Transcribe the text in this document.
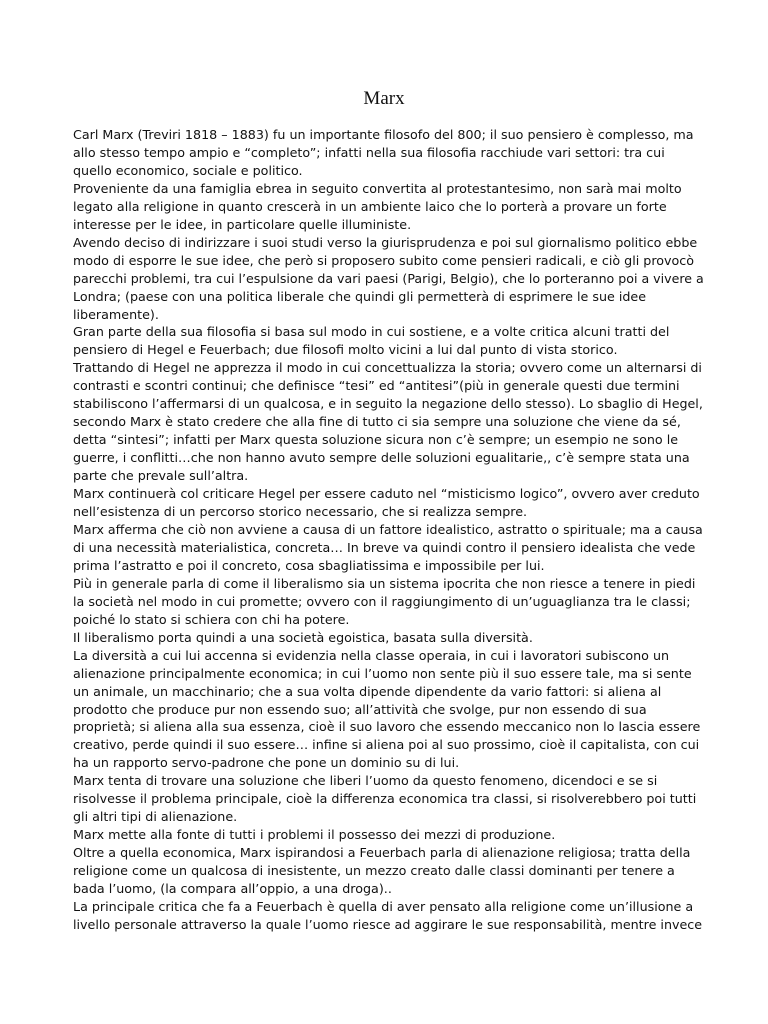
Marx
Carl Marx (Treviri 1818 – 1883) fu un importante filosofo del 800; il suo pensiero è complesso, ma
allo stesso tempo ampio e “completo”; infatti nella sua filosofia racchiude vari settori: tra cui
quello economico, sociale e politico.
Proveniente da una famiglia ebrea in seguito convertita al protestantesimo, non sarà mai molto
legato alla religione in quanto crescerà in un ambiente laico che lo porterà a provare un forte
interesse per le idee, in particolare quelle illuministe.
Avendo deciso di indirizzare i suoi studi verso la giurisprudenza e poi sul giornalismo politico ebbe
modo di esporre le sue idee, che però si proposero subito come pensieri radicali, e ciò gli provocò
parecchi problemi, tra cui l’espulsione da vari paesi (Parigi, Belgio), che lo porteranno poi a vivere a
Londra; (paese con una politica liberale che quindi gli permetterà di esprimere le sue idee
liberamente).
Gran parte della sua filosofia si basa sul modo in cui sostiene, e a volte critica alcuni tratti del
pensiero di Hegel e Feuerbach; due filosofi molto vicini a lui dal punto di vista storico.
Trattando di Hegel ne apprezza il modo in cui concettualizza la storia; ovvero come un alternarsi di
contrasti e scontri continui; che definisce “tesi” ed “antitesi”(più in generale questi due termini
stabiliscono l’affermarsi di un qualcosa, e in seguito la negazione dello stesso). Lo sbaglio di Hegel,
secondo Marx è stato credere che alla fine di tutto ci sia sempre una soluzione che viene da sé,
detta “sintesi”; infatti per Marx questa soluzione sicura non c’è sempre; un esempio ne sono le
guerre, i conflitti…che non hanno avuto sempre delle soluzioni egualitarie,, c’è sempre stata una
parte che prevale sull’altra.
Marx continuerà col criticare Hegel per essere caduto nel “misticismo logico”, ovvero aver creduto
nell’esistenza di un percorso storico necessario, che si realizza sempre.
Marx afferma che ciò non avviene a causa di un fattore idealistico, astratto o spirituale; ma a causa
di una necessità materialistica, concreta… In breve va quindi contro il pensiero idealista che vede
prima l’astratto e poi il concreto, cosa sbagliatissima e impossibile per lui.
Più in generale parla di come il liberalismo sia un sistema ipocrita che non riesce a tenere in piedi
la società nel modo in cui promette; ovvero con il raggiungimento di un’uguaglianza tra le classi;
poiché lo stato si schiera con chi ha potere.
Il liberalismo porta quindi a una società egoistica, basata sulla diversità.
La diversità a cui lui accenna si evidenzia nella classe operaia, in cui i lavoratori subiscono un
alienazione principalmente economica; in cui l’uomo non sente più il suo essere tale, ma si sente
un animale, un macchinario; che a sua volta dipende dipendente da vario fattori: si aliena al
prodotto che produce pur non essendo suo; all’attività che svolge, pur non essendo di sua
proprietà; si aliena alla sua essenza, cioè il suo lavoro che essendo meccanico non lo lascia essere
creativo, perde quindi il suo essere… infine si aliena poi al suo prossimo, cioè il capitalista, con cui
ha un rapporto servo-padrone che pone un dominio su di lui.
Marx tenta di trovare una soluzione che liberi l’uomo da questo fenomeno, dicendoci e se si
risolvesse il problema principale, cioè la differenza economica tra classi, si risolverebbero poi tutti
gli altri tipi di alienazione.
Marx mette alla fonte di tutti i problemi il possesso dei mezzi di produzione.
Oltre a quella economica, Marx ispirandosi a Feuerbach parla di alienazione religiosa; tratta della
religione come un qualcosa di inesistente, un mezzo creato dalle classi dominanti per tenere a
bada l’uomo, (la compara all’oppio, a una droga)..
La principale critica che fa a Feuerbach è quella di aver pensato alla religione come un’illusione a
livello personale attraverso la quale l’uomo riesce ad aggirare le sue responsabilità, mentre invece
